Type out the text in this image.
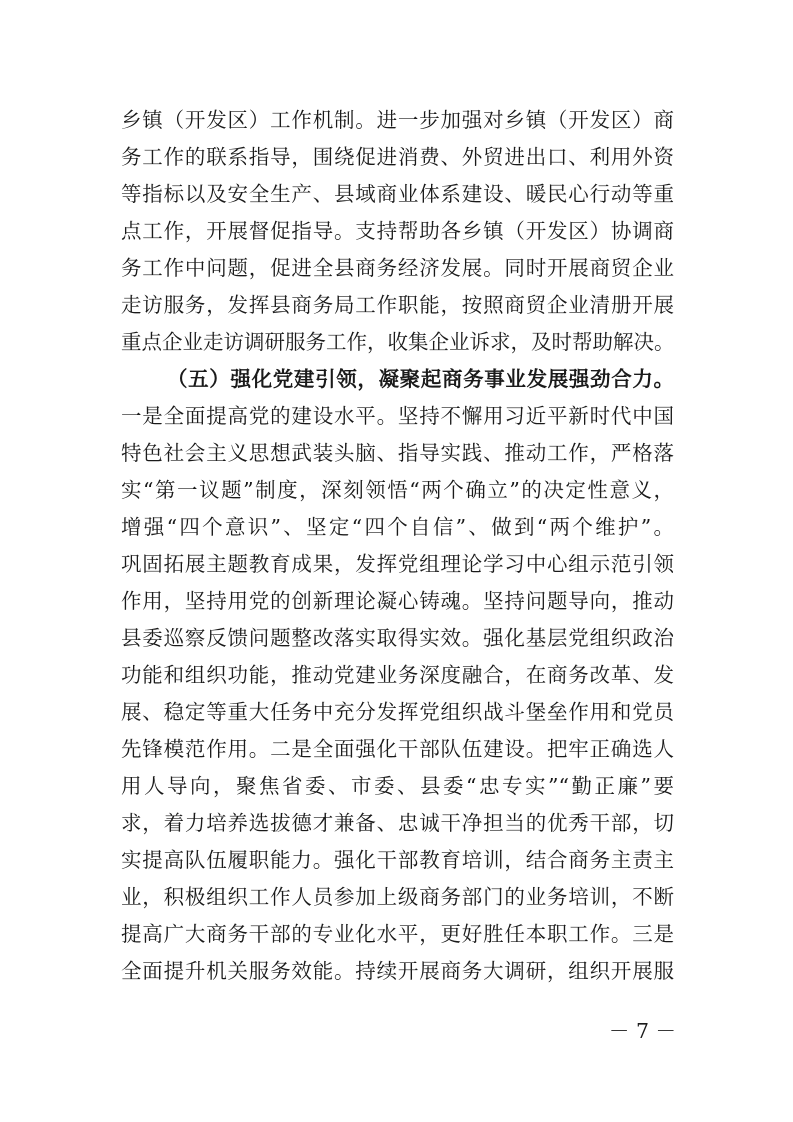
乡镇（开发区）工作机制。进一步加强对乡镇（开发区）商
务工作的联系指导，围绕促进消费、外贸进出口、利用外资
等指标以及安全生产、县域商业体系建设、暖民心行动等重
点工作，开展督促指导。支持帮助各乡镇（开发区）协调商
务工作中问题，促进全县商务经济发展。同时开展商贸企业
走访服务，发挥县商务局工作职能，按照商贸企业清册开展
重点企业走访调研服务工作，收集企业诉求，及时帮助解决。
（五）强化党建引领，凝聚起商务事业发展强劲合力。
一是全面提高党的建设水平。坚持不懈用习近平新时代中国
特色社会主义思想武装头脑、指导实践、推动工作，严格落
实“第一议题”制度，深刻领悟“两个确立”的决定性意义，
增强“四个意识”、坚定“四个自信”、做到“两个维护”。
巩固拓展主题教育成果，发挥党组理论学习中心组示范引领
作用，坚持用党的创新理论凝心铸魂。坚持问题导向，推动
县委巡察反馈问题整改落实取得实效。强化基层党组织政治
功能和组织功能，推动党建业务深度融合，在商务改革、发
展、稳定等重大任务中充分发挥党组织战斗堡垒作用和党员
先锋模范作用。二是全面强化干部队伍建设。把牢正确选人
用人导向，聚焦省委、市委、县委“忠专实”“勤正廉”要
求，着力培养选拔德才兼备、忠诚干净担当的优秀干部，切
实提高队伍履职能力。强化干部教育培训，结合商务主责主
业，积极组织工作人员参加上级商务部门的业务培训，不断
提高广大商务干部的专业化水平，更好胜任本职工作。三是
全面提升机关服务效能。持续开展商务大调研，组织开展服
－ 7 －
